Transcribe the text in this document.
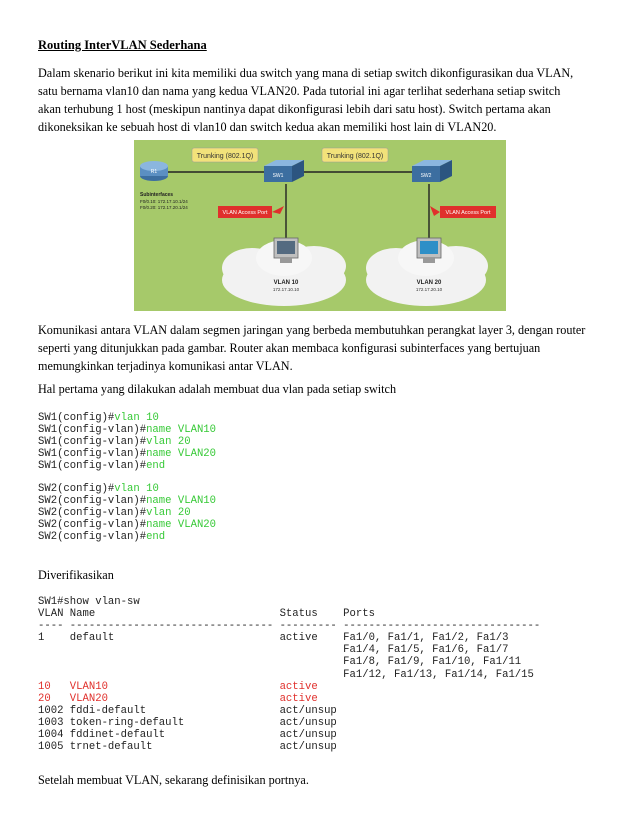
Routing InterVLAN Sederhana
Dalam skenario berikut ini kita memiliki dua switch yang mana di setiap switch dikonfigurasikan dua VLAN,
satu bernama vlan10 dan nama yang kedua VLAN20. Pada tutorial ini agar terlihat sederhana setiap switch
akan terhubung 1 host (meskipun nantinya dapat dikonfigurasi lebih dari satu host). Switch pertama akan
dikoneksikan ke sebuah host di vlan10 dan switch kedua akan memiliki host lain di VLAN20.
Trunking (802.1Q)	Trunking (802.1Q)
R1
Subinterfaces
F0/0.10: 172.17.10.1/24
F0/0.20: 172.17.20.1/24
SW1	SW2
VLAN Access Port	VLAN Access Port
VLAN 10
172.17.10.10
VLAN 20
172.17.20.10
Komunikasi antara VLAN dalam segmen jaringan yang berbeda membutuhkan perangkat layer 3, dengan router
seperti yang ditunjukkan pada gambar. Router akan membaca konfigurasi subinterfaces yang bertujuan
memungkinkan terjadinya komunikasi antar VLAN.
Hal pertama yang dilakukan adalah membuat dua vlan pada setiap switch
SW1(config)#vlan 10
SW1(config-vlan)#name VLAN10
SW1(config-vlan)#vlan 20
SW1(config-vlan)#name VLAN20
SW1(config-vlan)#end
SW2(config)#vlan 10
SW2(config-vlan)#name VLAN10
SW2(config-vlan)#vlan 20
SW2(config-vlan)#name VLAN20
SW2(config-vlan)#end
Diverifikasikan
SW1#show vlan-sw
VLAN Name                             Status    Ports
---- -------------------------------- --------- -------------------------------
1    default                          active    Fa1/0, Fa1/1, Fa1/2, Fa1/3
Fa1/4, Fa1/5, Fa1/6, Fa1/7
Fa1/8, Fa1/9, Fa1/10, Fa1/11
Fa1/12, Fa1/13, Fa1/14, Fa1/15
10   VLAN10                           active
20   VLAN20                           active
1002 fddi-default                     act/unsup
1003 token-ring-default               act/unsup
1004 fddinet-default                  act/unsup
1005 trnet-default                    act/unsup
Setelah membuat VLAN, sekarang definisikan portnya.
